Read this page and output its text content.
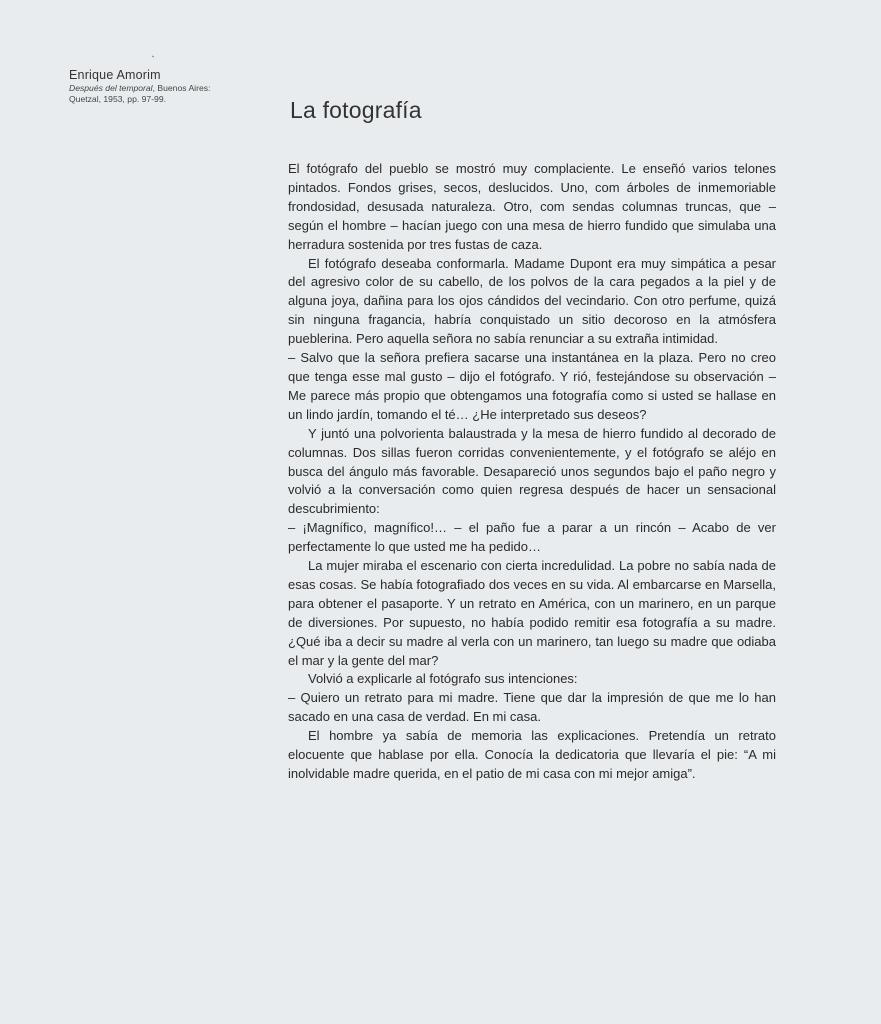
Enrique Amorim
Después del temporal, Buenos Aires:
Quetzal, 1953, pp. 97-99.	La fotografía

El fotógrafo del pueblo se mostró muy complaciente. Le enseñó varios telones pintados. Fondos grises, secos, deslucidos. Uno, com árboles de inmemoriable frondosidad, desusada naturaleza. Otro, com sendas columnas truncas, que – según el hombre – hacían juego con una mesa de hierro fundido que simulaba una herradura sostenida por tres fustas de caza.

El fotógrafo deseaba conformarla. Madame Dupont era muy simpática a pesar del agresivo color de su cabello, de los polvos de la cara pegados a la piel y de alguna joya, dañina para los ojos cándidos del vecindario. Con otro perfume, quizá sin ninguna fragancia, habría conquistado un sitio decoroso en la atmósfera pueblerina. Pero aquella señora no sabía renunciar a su extraña intimidad.

– Salvo que la señora prefiera sacarse una instantánea en la plaza. Pero no creo que tenga esse mal gusto – dijo el fotógrafo. Y rió, festejándose su observación – Me parece más propio que obtengamos una fotografía como si usted se hallase en un lindo jardín, tomando el té… ¿He interpretado sus deseos?

Y juntó una polvorienta balaustrada y la mesa de hierro fundido al decorado de columnas. Dos sillas fueron corridas convenientemente, y el fotógrafo se aléjo en busca del ángulo más favorable. Desapareció unos segundos bajo el paño negro y volvió a la conversación como quien regresa después de hacer un sensacional descubrimiento:

– ¡Magnífico, magnífico!… – el paño fue a parar a un rincón – Acabo de ver perfectamente lo que usted me ha pedido…

La mujer miraba el escenario con cierta incredulidad. La pobre no sabía nada de esas cosas. Se había fotografiado dos veces en su vida. Al embarcarse en Marsella, para obtener el pasaporte. Y un retrato en América, con un marinero, en un parque de diversiones. Por supuesto, no había podido remitir esa fotografía a su madre. ¿Qué iba a decir su madre al verla con un marinero, tan luego su madre que odiaba el mar y la gente del mar?

Volvió a explicarle al fotógrafo sus intenciones:

– Quiero un retrato para mi madre. Tiene que dar la impresión de que me lo han sacado en una casa de verdad. En mi casa.

El hombre ya sabía de memoria las explicaciones. Pretendía un retrato elocuente que hablase por ella. Conocía la dedicatoria que llevaría el pie: “A mi inolvidable madre querida, en el patio de mi casa con mi mejor amiga”.
